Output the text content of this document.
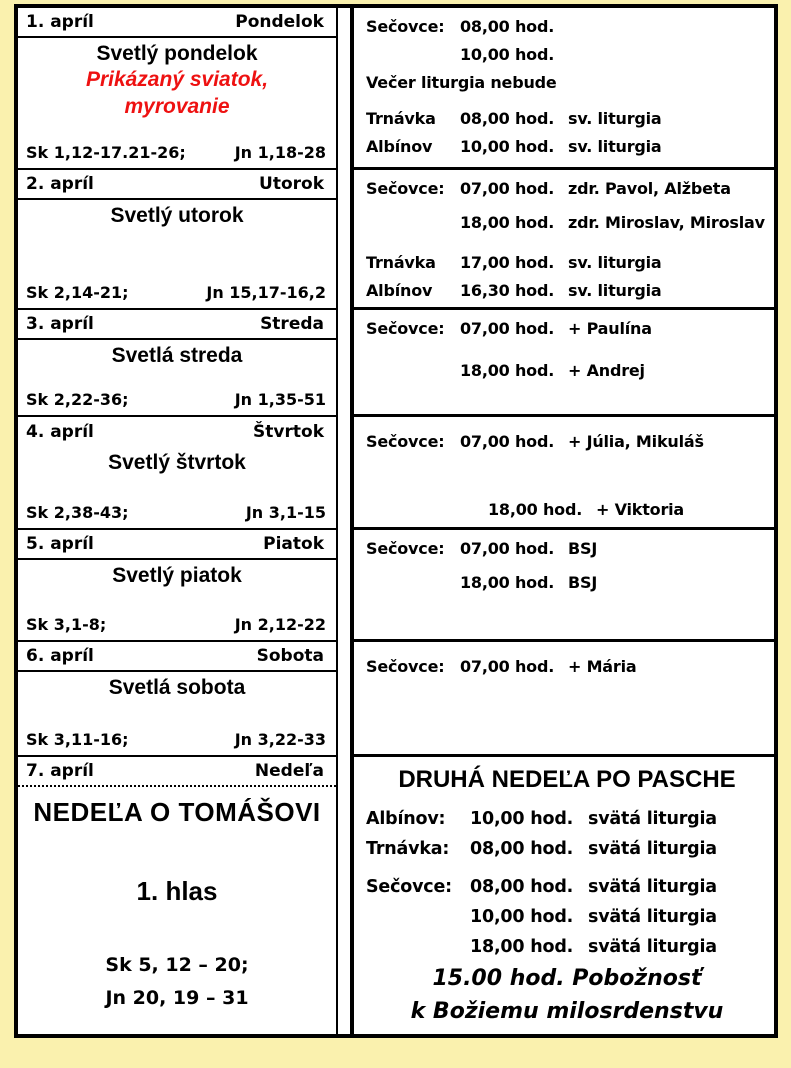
1. apríl	Pondelok
Svetlý pondelok
Prikázaný sviatok,
myrovanie
Sk 1,12-17.21-26;	Jn 1,18-28
Sečovce: 08,00 hod.
10,00 hod.
Večer liturgia nebude
Trnávka	08,00 hod. sv. liturgia
Albínov	10,00 hod. sv. liturgia
2. apríl	Utorok
Svetlý utorok
Sk 2,14-21;	Jn 15,17-16,2
Sečovce: 07,00 hod. zdr. Pavol, Alžbeta
18,00 hod. zdr. Miroslav, Miroslav
Trnávka	17,00 hod. sv. liturgia
Albínov	16,30 hod. sv. liturgia
3. apríl	Streda
Svetlá streda
Sk 2,22-36;	Jn 1,35-51
Sečovce: 07,00 hod. + Paulína
18,00 hod. + Andrej
4. apríl	Štvrtok
Svetlý štvrtok
Sk 2,38-43;	Jn 3,1-15
Sečovce: 07,00 hod. + Júlia, Mikuláš
18,00 hod. + Viktoria
5. apríl	Piatok
Svetlý piatok
Sk 3,1-8;	Jn 2,12-22
Sečovce: 07,00 hod. BSJ
18,00 hod. BSJ
6. apríl	Sobota
Svetlá sobota
Sk 3,11-16;	Jn 3,22-33
Sečovce: 07,00 hod. + Mária
7. apríl	Nedeľa
NEDEĽA O TOMÁŠOVI
1. hlas
Sk 5, 12 – 20;
Jn 20, 19 – 31
DRUHÁ NEDEĽA PO PASCHE
Albínov:	10,00 hod. svätá liturgia
Trnávka:	08,00 hod. svätá liturgia
Sečovce:	08,00 hod. svätá liturgia
10,00 hod. svätá liturgia
18,00 hod. svätá liturgia
15.00 hod. Pobožnosť
k Božiemu milosrdenstvu
